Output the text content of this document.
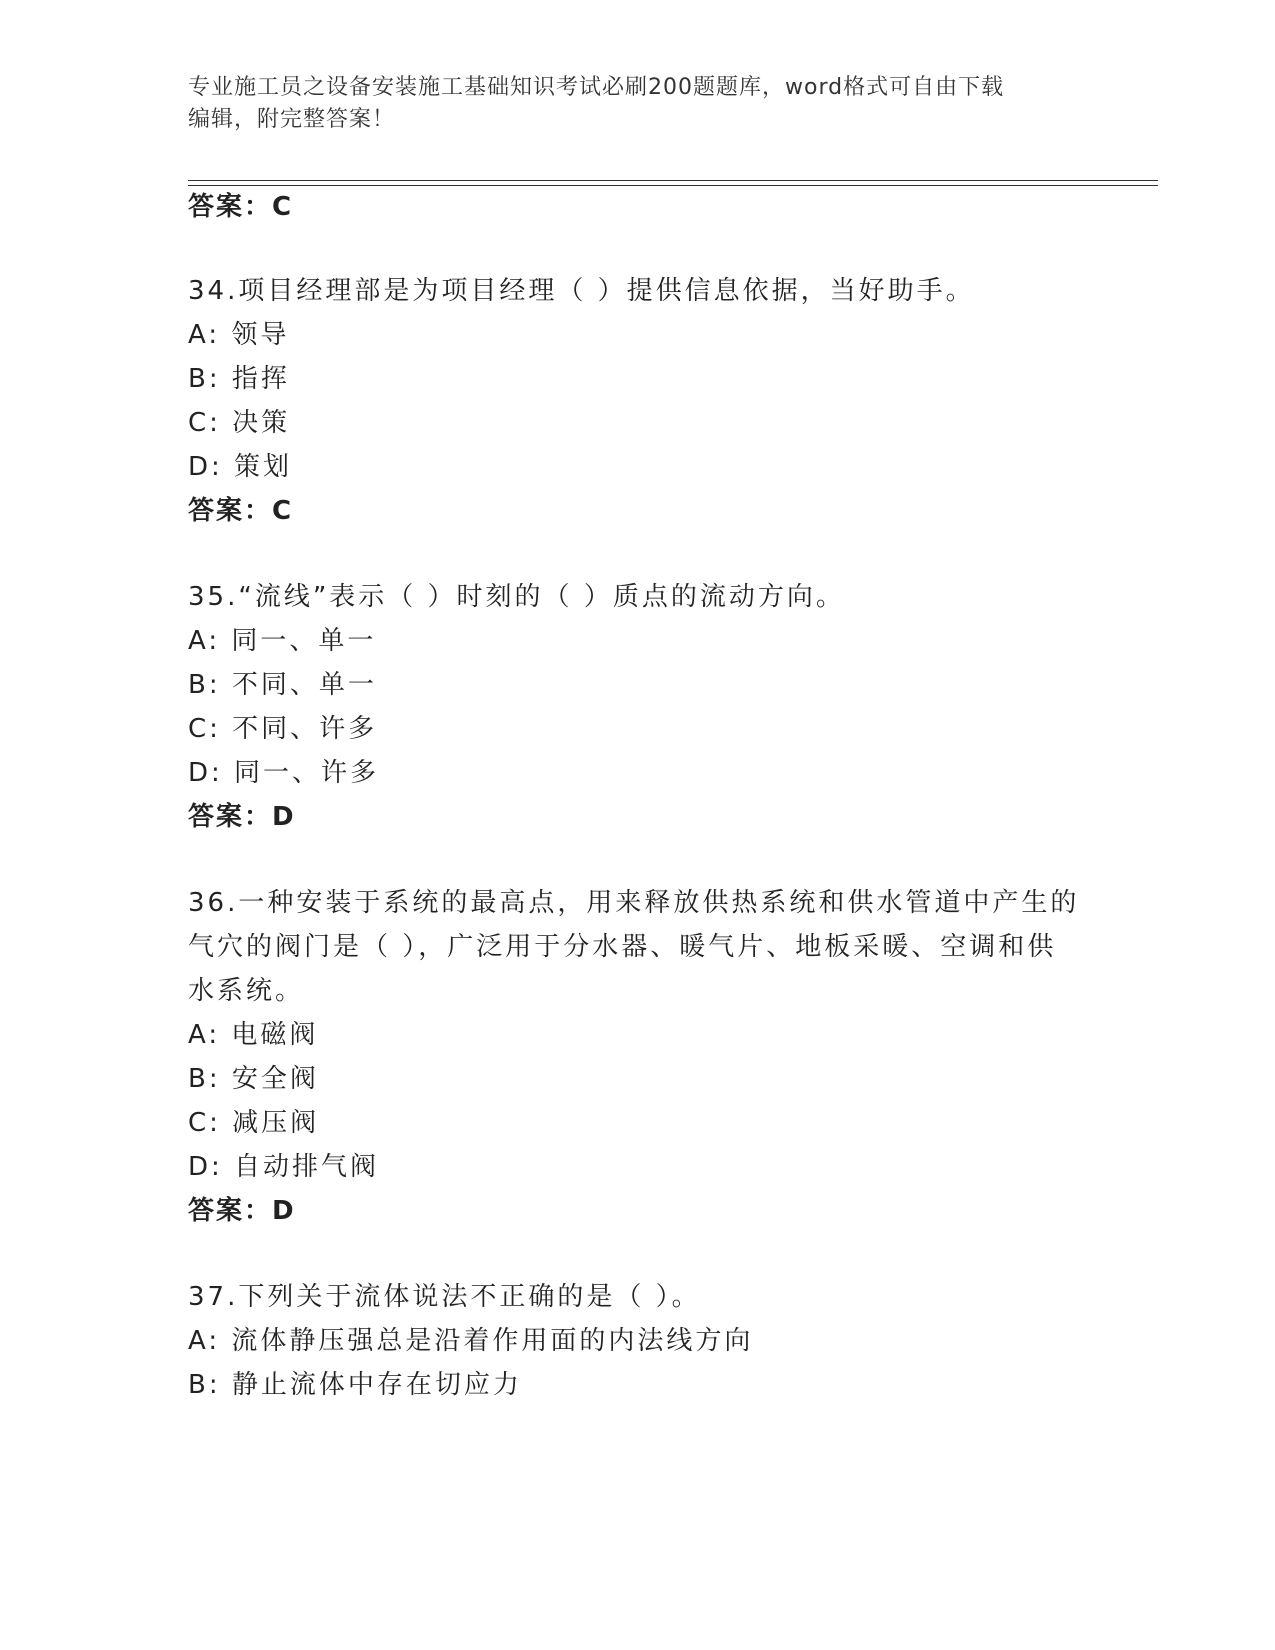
专业施工员之设备安装施工基础知识考试必刷200题题库，word格式可自由下载
编辑，附完整答案！
答案：C
34.项目经理部是为项目经理（ ）提供信息依据，当好助手。
A: 领导
B: 指挥
C: 决策
D: 策划
答案：C
35.“流线”表示（ ）时刻的（ ）质点的流动方向。
A: 同一、单一
B: 不同、单一
C: 不同、许多
D: 同一、许多
答案：D
36.一种安装于系统的最高点，用来释放供热系统和供水管道中产生的
气穴的阀门是（ ），广泛用于分水器、暖气片、地板采暖、空调和供
水系统。
A: 电磁阀
B: 安全阀
C: 减压阀
D: 自动排气阀
答案：D
37.下列关于流体说法不正确的是（ ）。
A: 流体静压强总是沿着作用面的内法线方向
B: 静止流体中存在切应力
